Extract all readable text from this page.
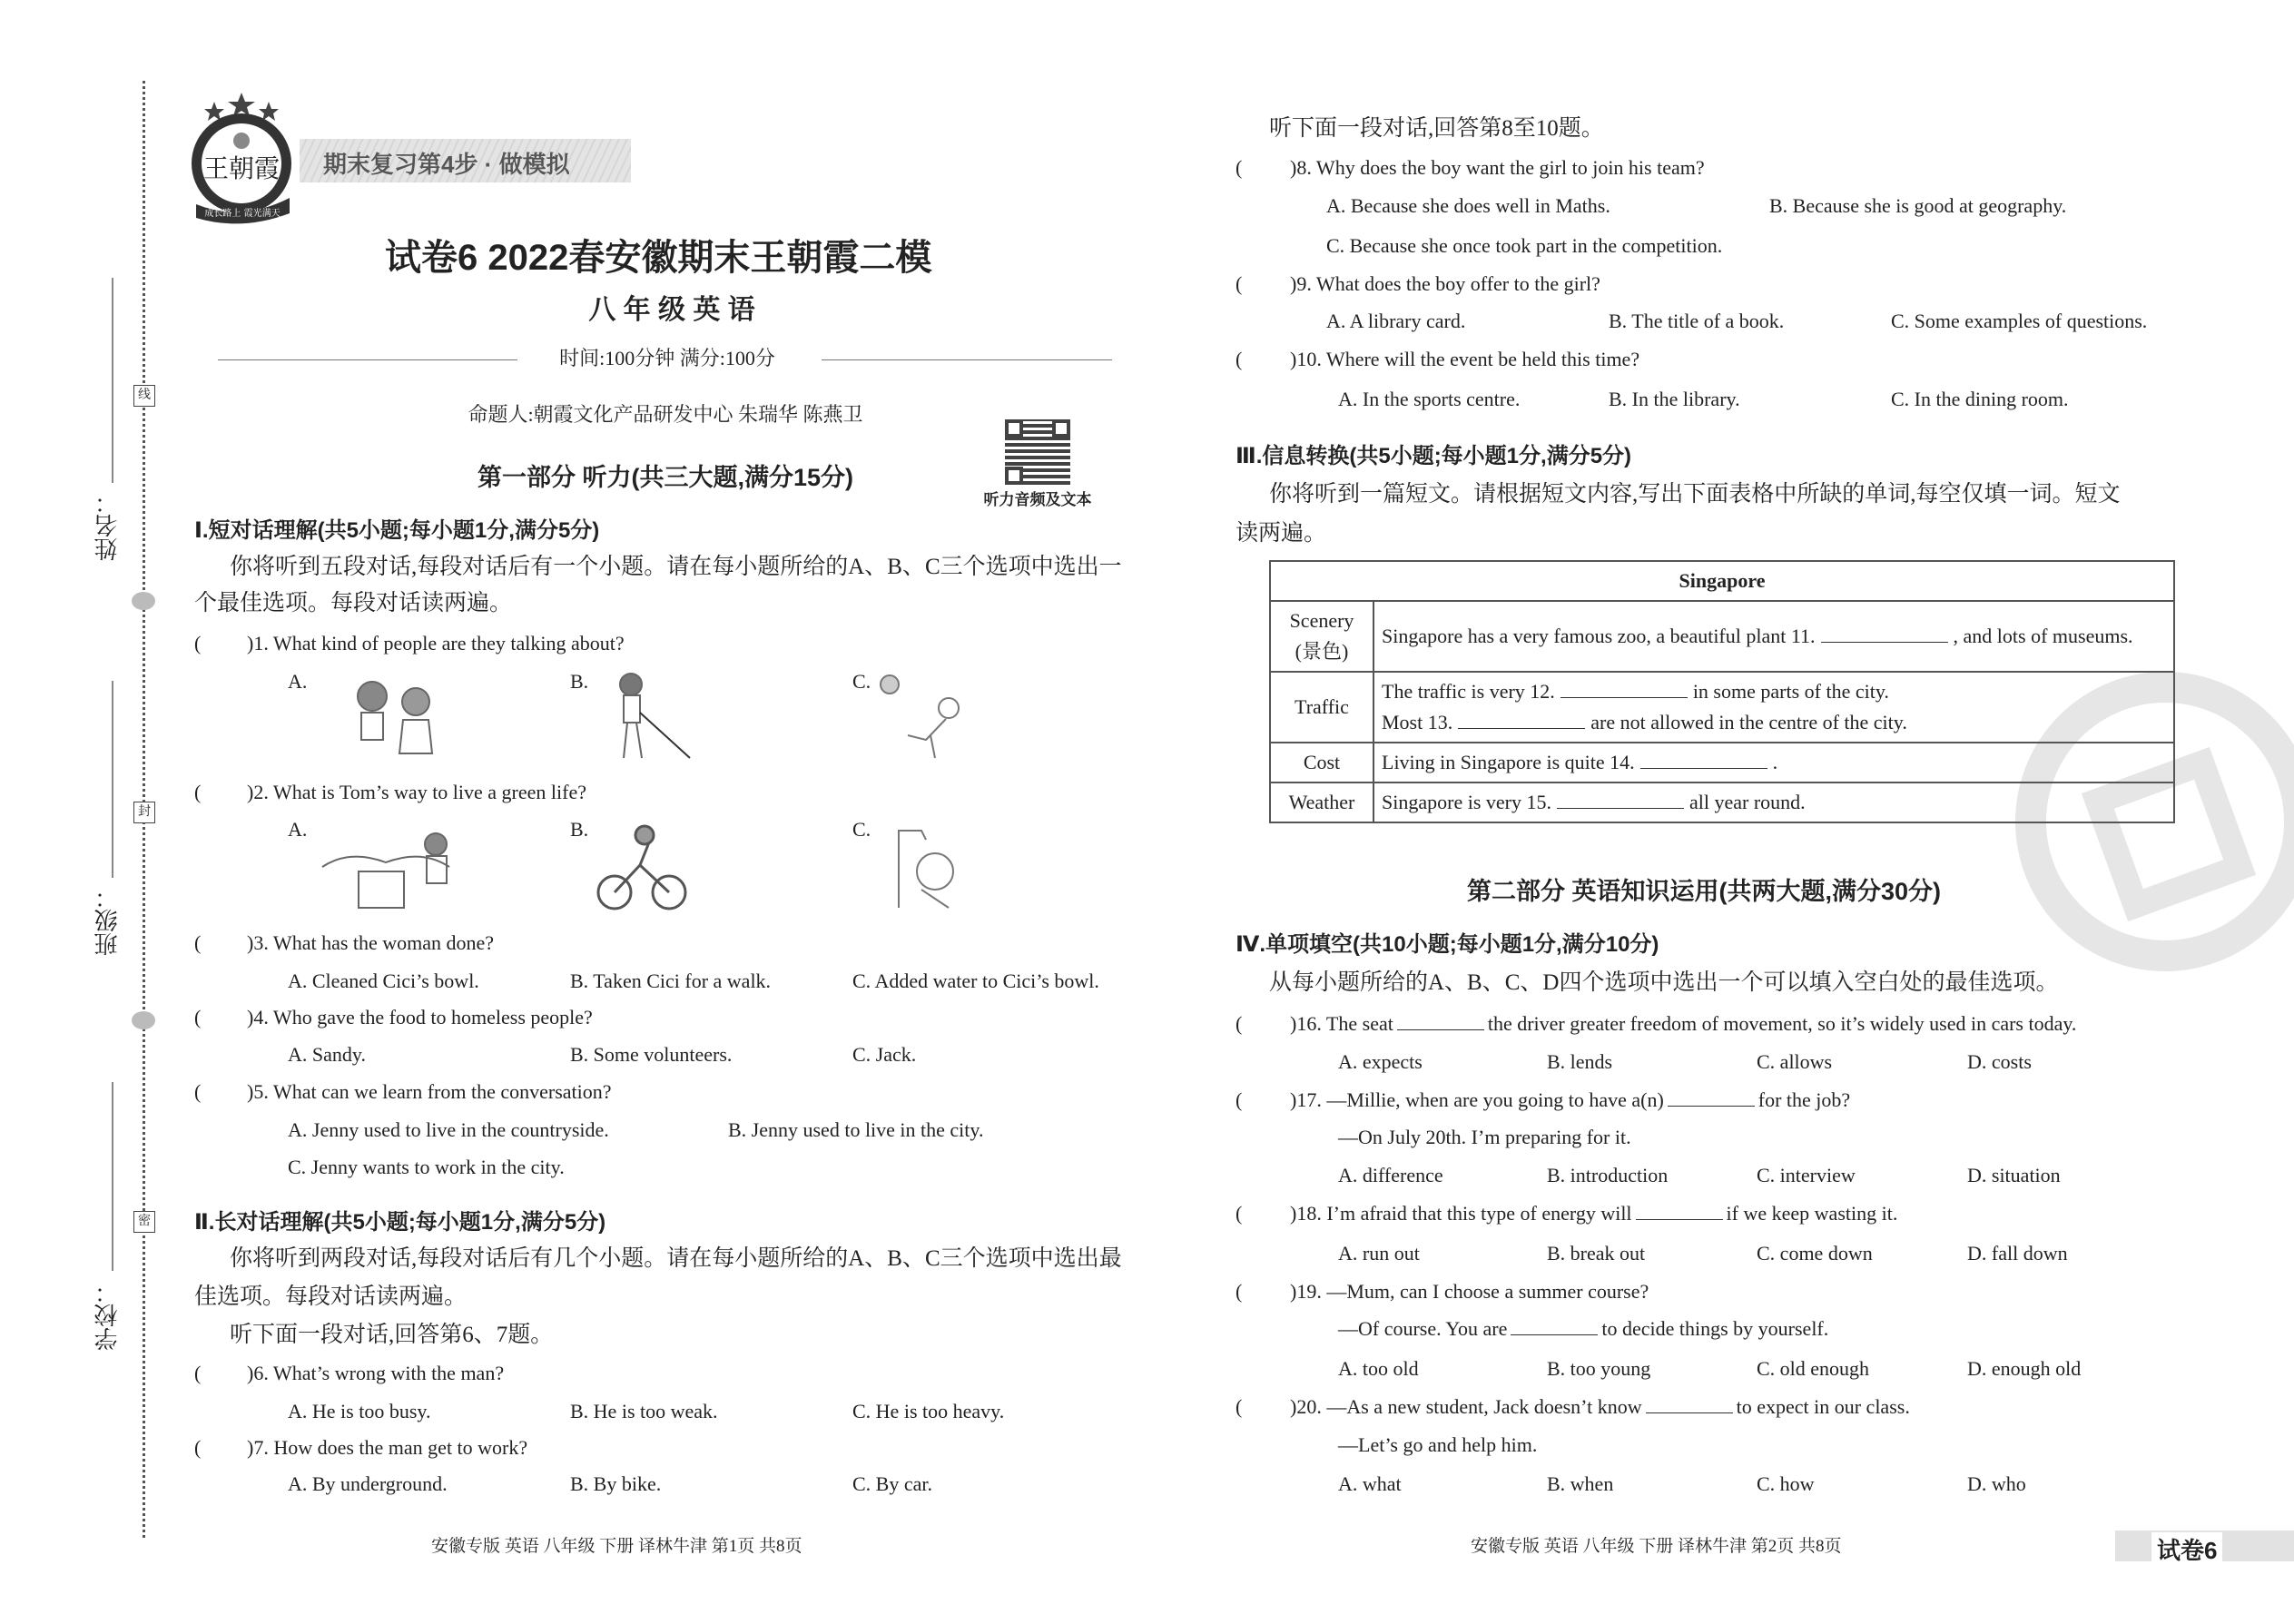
姓名：
线
班级：
封
学校：
密
王朝霞
成长路上 霞光满天
期末复习第4步 · 做模拟
试卷6 2022春安徽期末王朝霞二模
八 年 级 英 语
时间:100分钟 满分:100分
命题人:朝霞文化产品研发中心 朱瑞华 陈燕卫
听力音频及文本
第一部分 听力(共三大题,满分15分)
Ⅰ.短对话理解(共5小题;每小题1分,满分5分)
你将听到五段对话,每段对话后有一个小题。请在每小题所给的A、B、C三个选项中选出一
个最佳选项。每段对话读两遍。
( )1. What kind of people are they talking about?
A.	B.	C.
( )2. What is Tom’s way to live a green life?
A.	B.	C.
( )3. What has the woman done?
A. Cleaned Cici’s bowl.	B. Taken Cici for a walk.	C. Added water to Cici’s bowl.
( )4. Who gave the food to homeless people?
A. Sandy.	B. Some volunteers.	C. Jack.
( )5. What can we learn from the conversation?
A. Jenny used to live in the countryside.	B. Jenny used to live in the city.
C. Jenny wants to work in the city.
Ⅱ.长对话理解(共5小题;每小题1分,满分5分)
你将听到两段对话,每段对话后有几个小题。请在每小题所给的A、B、C三个选项中选出最
佳选项。每段对话读两遍。
听下面一段对话,回答第6、7题。
( )6. What’s wrong with the man?
A. He is too busy.	B. He is too weak.	C. He is too heavy.
( )7. How does the man get to work?
A. By underground.	B. By bike.	C. By car.
安徽专版 英语 八年级 下册 译林牛津 第1页 共8页
听下面一段对话,回答第8至10题。
( )8. Why does the boy want the girl to join his team?
A. Because she does well in Maths.	B. Because she is good at geography.
C. Because she once took part in the competition.
( )9. What does the boy offer to the girl?
A. A library card.	B. The title of a book.	C. Some examples of questions.
( )10. Where will the event be held this time?
A. In the sports centre.	B. In the library.	C. In the dining room.
Ⅲ.信息转换(共5小题;每小题1分,满分5分)
你将听到一篇短文。请根据短文内容,写出下面表格中所缺的单词,每空仅填一词。短文
读两遍。
Singapore	
Scenery
(景色)	Singapore has a very famous zoo, a beautiful plant 11. , and lots of museums.
Traffic	The traffic is very 12. in some parts of the city.
Most 13. are not allowed in the centre of the city.
Cost	Living in Singapore is quite 14. .
Weather	Singapore is very 15. all year round.
第二部分 英语知识运用(共两大题,满分30分)
Ⅳ.单项填空(共10小题;每小题1分,满分10分)
从每小题所给的A、B、C、D四个选项中选出一个可以填入空白处的最佳选项。
( )16. The seat	the driver greater freedom of movement, so it’s widely used in cars today.
A. expects	B. lends	C. allows	D. costs
( )17. —Millie, when are you going to have a(n)	for the job?
—On July 20th. I’m preparing for it.
A. difference	B. introduction	C. interview	D. situation
( )18. I’m afraid that this type of energy will	if we keep wasting it.
A. run out	B. break out	C. come down	D. fall down
( )19. —Mum, can I choose a summer course?
—Of course. You are	to decide things by yourself.
A. too old	B. too young	C. old enough	D. enough old
( )20. —As a new student, Jack doesn’t know	to expect in our class.
—Let’s go and help him.
A. what	B. when	C. how	D. who
安徽专版 英语 八年级 下册 译林牛津 第2页 共8页	试卷6
